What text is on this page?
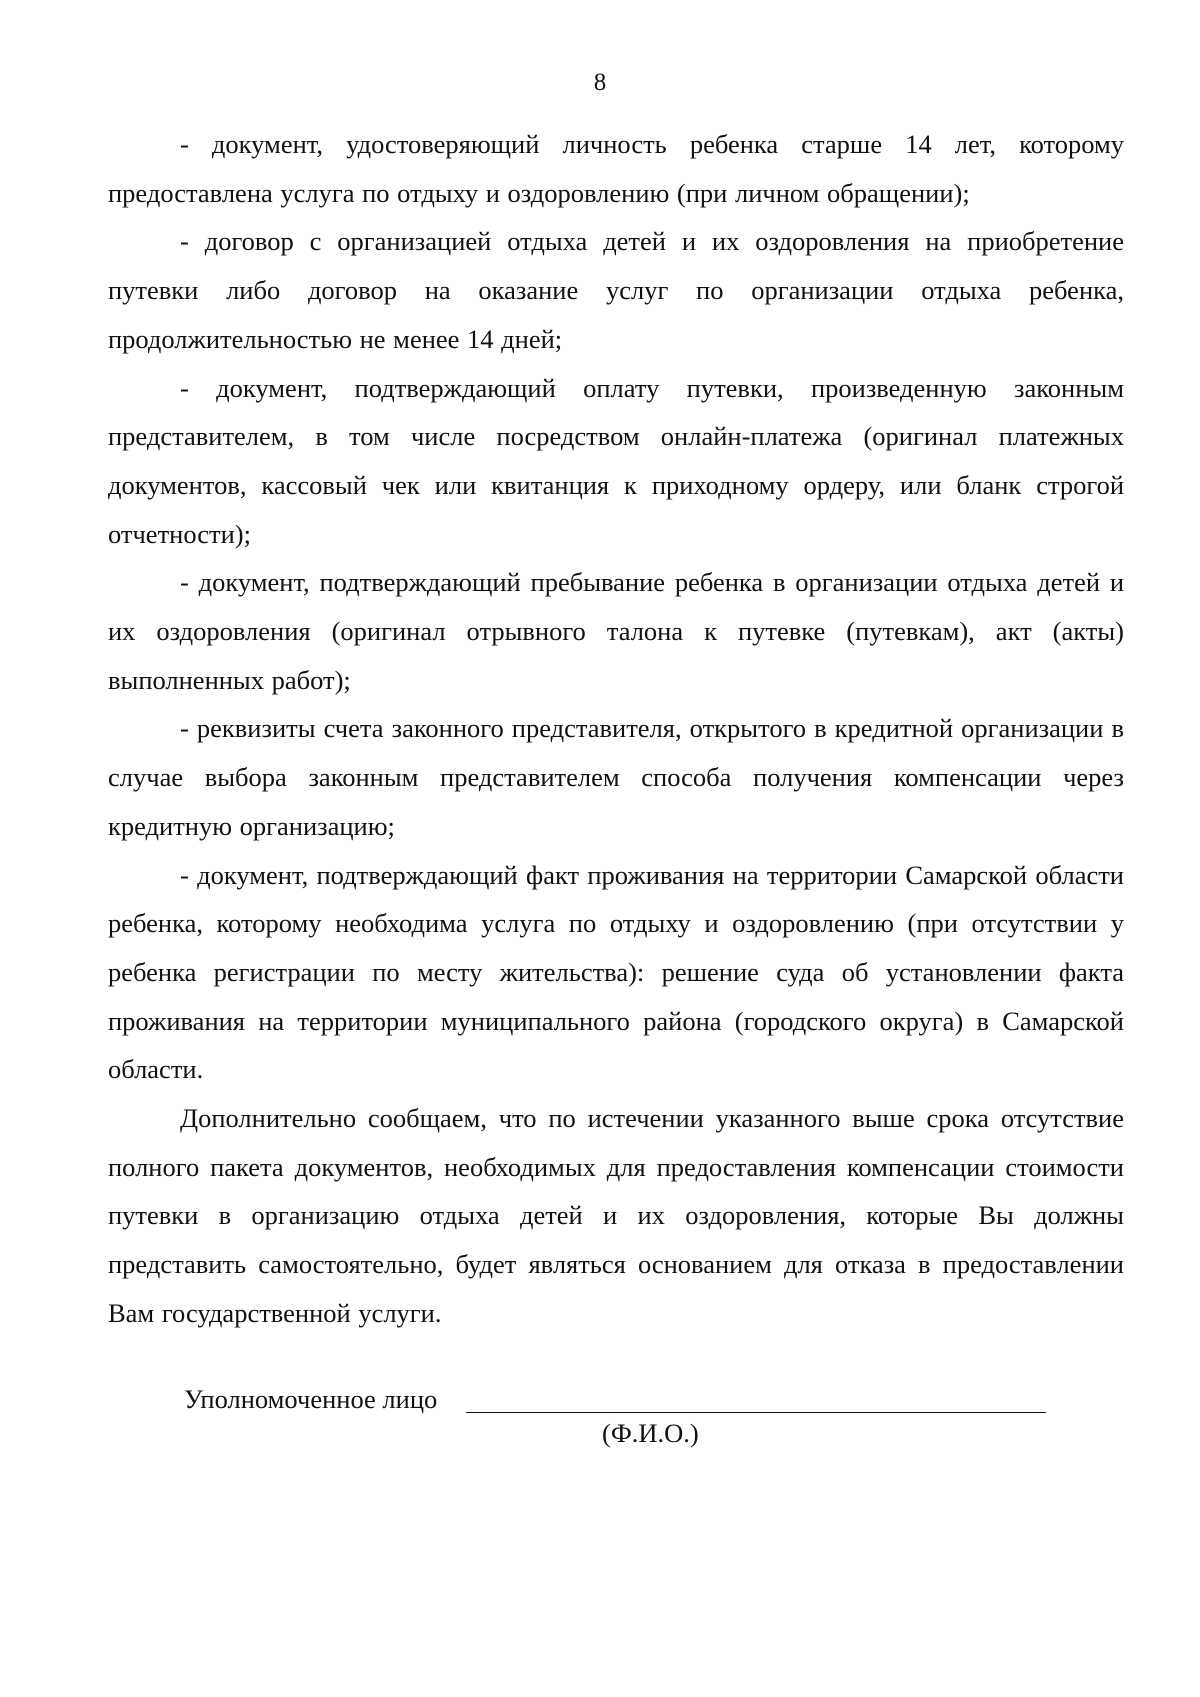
8

- документ, удостоверяющий личность ребенка старше 14 лет, которому предоставлена услуга по отдыху и оздоровлению (при личном обращении);

- договор с организацией отдыха детей и их оздоровления на приобретение путевки либо договор на оказание услуг по организации отдыха ребенка, продолжительностью не менее 14 дней;

- документ, подтверждающий оплату путевки, произведенную законным представителем, в том числе посредством онлайн-платежа (оригинал платежных документов, кассовый чек или квитанция к приходному ордеру, или бланк строгой отчетности);

- документ, подтверждающий пребывание ребенка в организации отдыха детей и их оздоровления (оригинал отрывного талона к путевке (путевкам), акт (акты) выполненных работ);

- реквизиты счета законного представителя, открытого в кредитной организации в случае выбора законным представителем способа получения компенсации через кредитную организацию;

- документ, подтверждающий факт проживания на территории Самарской области ребенка, которому необходима услуга по отдыху и оздоровлению (при отсутствии у ребенка регистрации по месту жительства): решение суда об установлении факта проживания на территории муниципального района (городского округа) в Самарской области.

Дополнительно сообщаем, что по истечении указанного выше срока отсутствие полного пакета документов, необходимых для предоставления компенсации стоимости путевки в организацию отдыха детей и их оздоровления, которые Вы должны представить самостоятельно, будет являться основанием для отказа в предоставлении Вам государственной услуги.

Уполномоченное лицо
(Ф.И.О.)
